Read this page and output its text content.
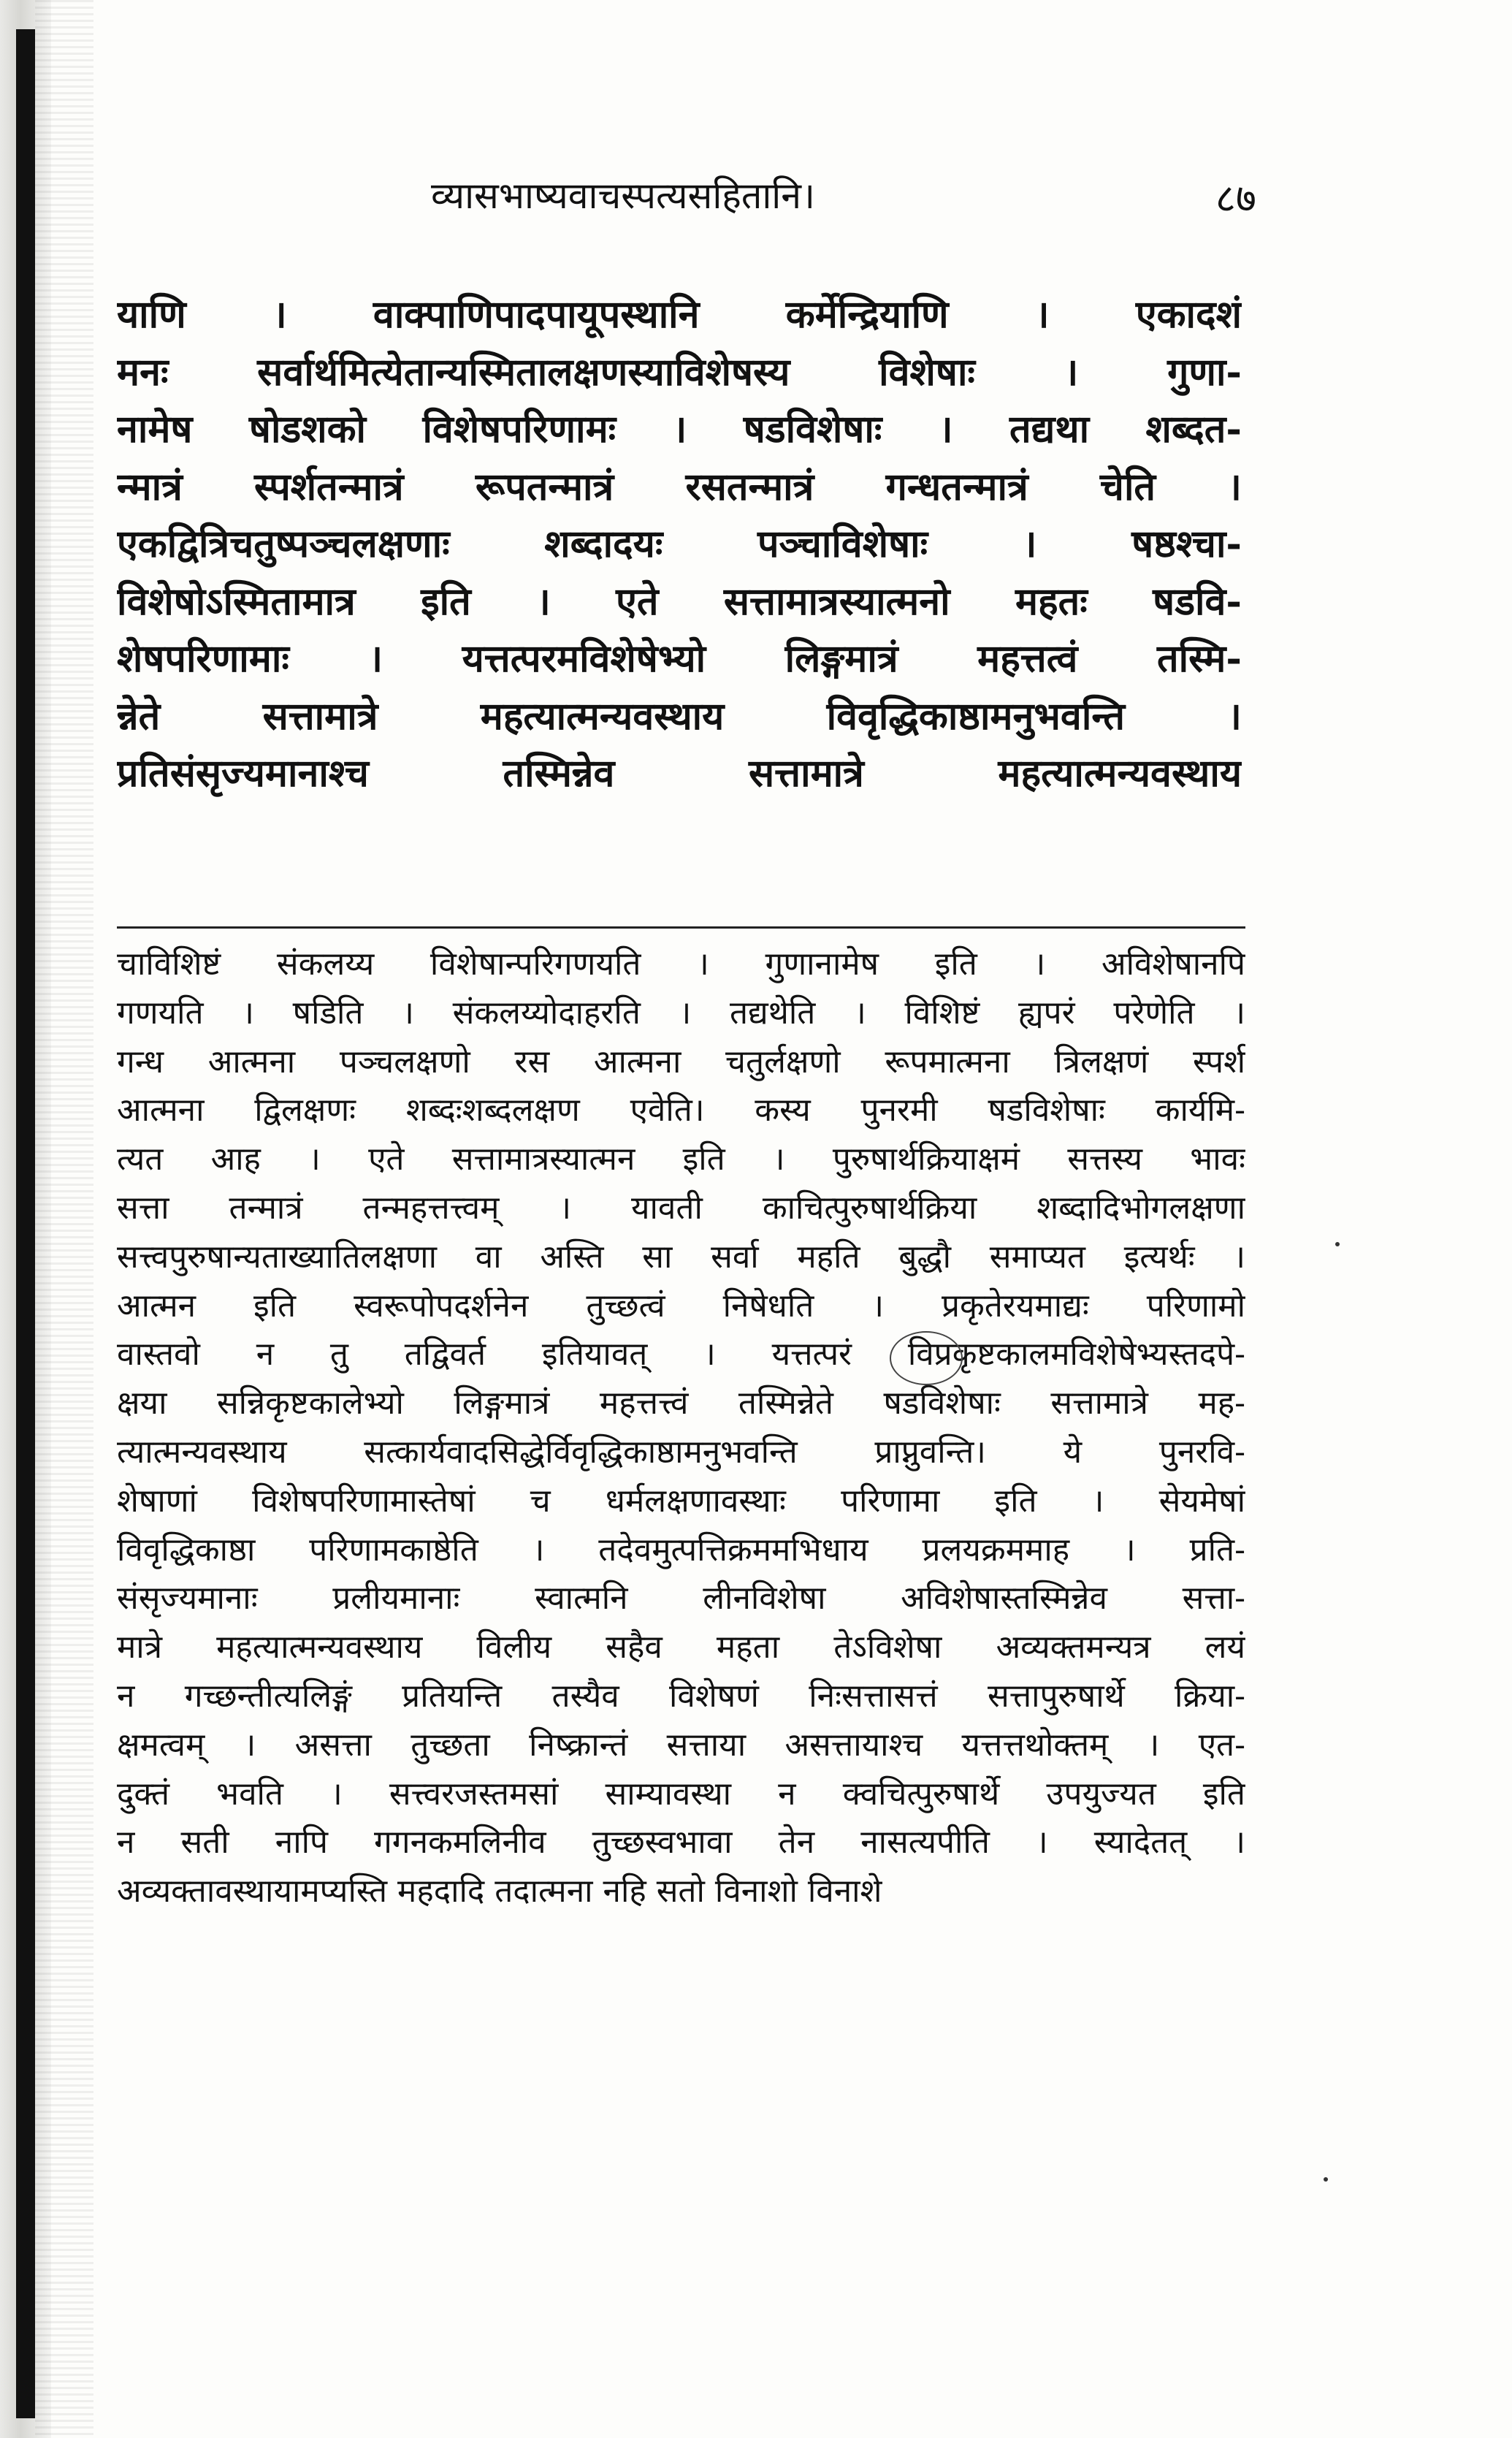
व्यासभाष्यवाचस्पत्यसहितानि।	८७
याणि । वाक्पाणिपादपायूपस्थानि कर्मेन्द्रियाणि । एकादशं
मनः सर्वार्थमित्येतान्यस्मितालक्षणस्याविशेषस्य विशेषाः । गुणा-
नामेष षोडशको विशेषपरिणामः । षडविशेषाः । तद्यथा शब्दत-
न्मात्रं स्पर्शतन्मात्रं रूपतन्मात्रं रसतन्मात्रं गन्धतन्मात्रं चेति ।
एकद्वित्रिचतुष्पञ्चलक्षणाः शब्दादयः पञ्चाविशेषाः । षष्ठश्चा-
विशेषोऽस्मितामात्र इति । एते सत्तामात्रस्यात्मनो महतः षडवि-
शेषपरिणामाः । यत्तत्परमविशेषेभ्यो लिङ्गमात्रं महत्तत्वं तस्मि-
न्नेते सत्तामात्रे महत्यात्मन्यवस्थाय विवृद्धिकाष्ठामनुभवन्ति ।
प्रतिसंसृज्यमानाश्च तस्मिन्नेव सत्तामात्रे महत्यात्मन्यवस्थाय
चाविशिष्टं संकलय्य विशेषान्परिगणयति । गुणानामेष इति । अविशेषानपि
गणयति । षडिति । संकलय्योदाहरति । तद्यथेति । विशिष्टं ह्यपरं परेणेति ।
गन्ध आत्मना पञ्चलक्षणो रस आत्मना चतुर्लक्षणो रूपमात्मना त्रिलक्षणं स्पर्श
आत्मना द्विलक्षणः शब्दःशब्दलक्षण एवेति। कस्य पुनरमी षडविशेषाः कार्यमि-
त्यत आह । एते सत्तामात्रस्यात्मन इति । पुरुषार्थक्रियाक्षमं सत्तस्य भावः
सत्ता तन्मात्रं तन्महत्तत्त्वम् । यावती काचित्पुरुषार्थक्रिया शब्दादिभोगलक्षणा
सत्त्वपुरुषान्यताख्यातिलक्षणा वा अस्ति सा सर्वा महति बुद्धौ समाप्यत इत्यर्थः ।
आत्मन इति स्वरूपोपदर्शनेन तुच्छत्वं निषेधति । प्रकृतेरयमाद्यः परिणामो
वास्तवो न तु तद्विवर्त इतियावत् । यत्तत्परं विप्रकृष्टकालमविशेषेभ्यस्तदपे-
क्षया सन्निकृष्टकालेभ्यो लिङ्गमात्रं महत्तत्त्वं तस्मिन्नेते षडविशेषाः सत्तामात्रे मह-
त्यात्मन्यवस्थाय सत्कार्यवादसिद्धेर्विवृद्धिकाष्ठामनुभवन्ति प्राप्नुवन्ति। ये पुनरवि-
शेषाणां विशेषपरिणामास्तेषां च धर्मलक्षणावस्थाः परिणामा इति । सेयमेषां
विवृद्धिकाष्ठा परिणामकाष्ठेति । तदेवमुत्पत्तिक्रममभिधाय प्रलयक्रममाह । प्रति-
संसृज्यमानाः प्रलीयमानाः स्वात्मनि लीनविशेषा अविशेषास्तस्मिन्नेव सत्ता-
मात्रे महत्यात्मन्यवस्थाय विलीय सहैव महता तेऽविशेषा अव्यक्तमन्यत्र लयं
न गच्छन्तीत्यलिङ्गं प्रतियन्ति तस्यैव विशेषणं निःसत्तासत्तं सत्तापुरुषार्थे क्रिया-
क्षमत्वम् । असत्ता तुच्छता निष्क्रान्तं सत्ताया असत्तायाश्च यत्तत्तथोक्तम् । एत-
दुक्तं भवति । सत्त्वरजस्तमसां साम्यावस्था न क्वचित्पुरुषार्थे उपयुज्यत इति
न सती नापि गगनकमलिनीव तुच्छस्वभावा तेन नासत्यपीति । स्यादेतत् ।
अव्यक्तावस्थायामप्यस्ति महदादि तदात्मना नहि सतो विनाशो विनाशे
